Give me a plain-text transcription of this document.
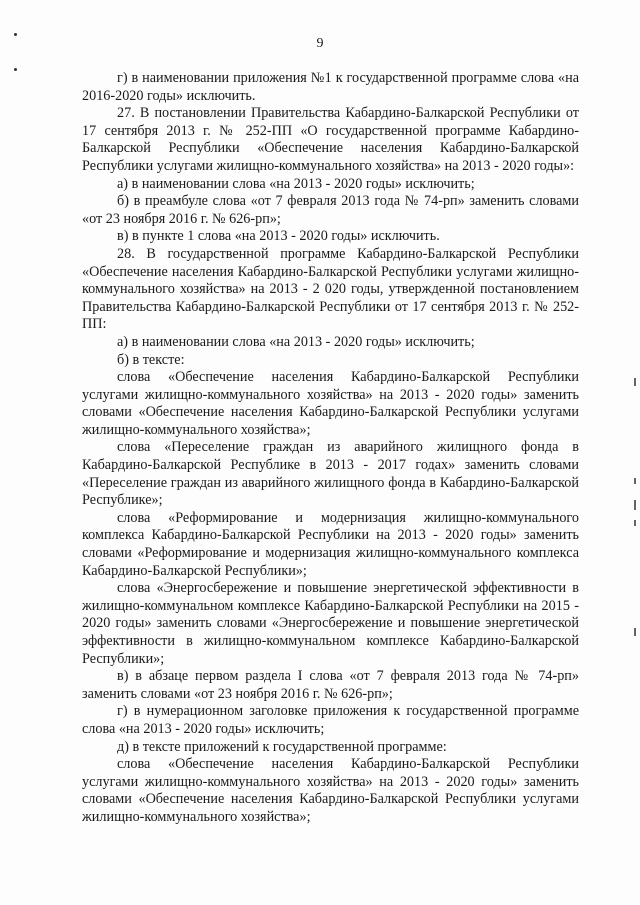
9

г) в наименовании приложения №1 к государственной программе слова «на 2016-2020 годы» исключить.

27. В постановлении Правительства Кабардино-Балкарской Республики от 17 сентября 2013 г. № 252-ПП «О государственной программе Кабардино-Балкарской Республики «Обеспечение населения Кабардино-Балкарской Республики услугами жилищно-коммунального хозяйства» на 2013 - 2020 годы»:

а) в наименовании слова «на 2013 - 2020 годы» исключить;

б) в преамбуле слова «от 7 февраля 2013 года № 74-рп» заменить словами «от 23 ноября 2016 г. № 626-рп»;

в) в пункте 1 слова «на 2013 - 2020 годы» исключить.

28. В государственной программе Кабардино-Балкарской Республики «Обеспечение населения Кабардино-Балкарской Республики услугами жилищно-коммунального хозяйства» на 2013 - 2 020 годы, утвержденной постановлением Правительства Кабардино-Балкарской Республики от 17 сентября 2013 г. № 252-ПП:

а) в наименовании слова «на 2013 - 2020 годы» исключить;

б) в тексте:

слова «Обеспечение населения Кабардино-Балкарской Республики услугами жилищно-коммунального хозяйства» на 2013 - 2020 годы» заменить словами «Обеспечение населения Кабардино-Балкарской Республики услугами жилищно-коммунального хозяйства»;

слова «Переселение граждан из аварийного жилищного фонда в Кабардино-Балкарской Республике в 2013 - 2017 годах» заменить словами «Переселение граждан из аварийного жилищного фонда в Кабардино-Балкарской Республике»;

слова «Реформирование и модернизация жилищно-коммунального комплекса Кабардино-Балкарской Республики на 2013 - 2020 годы» заменить словами «Реформирование и модернизация жилищно-коммунального комплекса Кабардино-Балкарской Республики»;

слова «Энергосбережение и повышение энергетической эффективности в жилищно-коммунальном комплексе Кабардино-Балкарской Республики на 2015 - 2020 годы» заменить словами «Энергосбережение и повышение энергетической эффективности в жилищно-коммунальном комплексе Кабардино-Балкарской Республики»;

в) в абзаце первом раздела I слова «от 7 февраля 2013 года № 74-рп» заменить словами «от 23 ноября 2016 г. № 626-рп»;

г) в нумерационном заголовке приложения к государственной программе слова «на 2013 - 2020 годы» исключить;

д) в тексте приложений к государственной программе:

слова «Обеспечение населения Кабардино-Балкарской Республики услугами жилищно-коммунального хозяйства» на 2013 - 2020 годы» заменить словами «Обеспечение населения Кабардино-Балкарской Республики услугами жилищно-коммунального хозяйства»;
